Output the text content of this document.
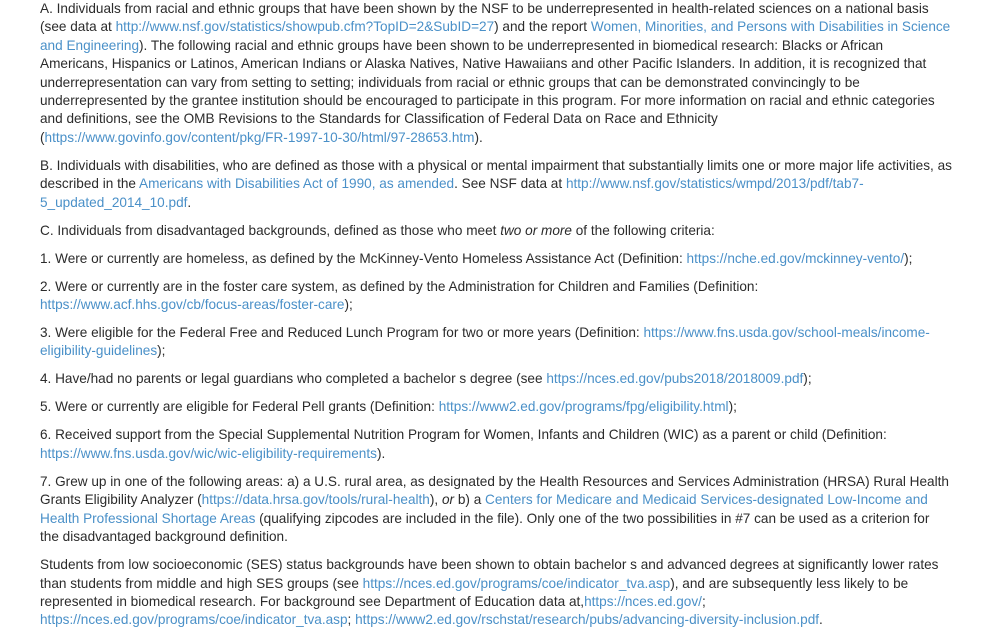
A. Individuals from racial and ethnic groups that have been shown by the NSF to be underrepresented in health-related sciences on a national basis (see data at http://www.nsf.gov/statistics/showpub.cfm?TopID=2&SubID=27) and the report Women, Minorities, and Persons with Disabilities in Science and Engineering). The following racial and ethnic groups have been shown to be underrepresented in biomedical research: Blacks or African Americans, Hispanics or Latinos, American Indians or Alaska Natives, Native Hawaiians and other Pacific Islanders. In addition, it is recognized that underrepresentation can vary from setting to setting; individuals from racial or ethnic groups that can be demonstrated convincingly to be underrepresented by the grantee institution should be encouraged to participate in this program. For more information on racial and ethnic categories and definitions, see the OMB Revisions to the Standards for Classification of Federal Data on Race and Ethnicity (https://www.govinfo.gov/content/pkg/FR-1997-10-30/html/97-28653.htm).

B. Individuals with disabilities, who are defined as those with a physical or mental impairment that substantially limits one or more major life activities, as described in the Americans with Disabilities Act of 1990, as amended. See NSF data at http://www.nsf.gov/statistics/wmpd/2013/pdf/tab7-5_updated_2014_10.pdf.

C. Individuals from disadvantaged backgrounds, defined as those who meet two or more of the following criteria:

1. Were or currently are homeless, as defined by the McKinney-Vento Homeless Assistance Act (Definition: https://nche.ed.gov/mckinney-vento/);

2. Were or currently are in the foster care system, as defined by the Administration for Children and Families (Definition: https://www.acf.hhs.gov/cb/focus-areas/foster-care);

3. Were eligible for the Federal Free and Reduced Lunch Program for two or more years (Definition: https://www.fns.usda.gov/school-meals/income-eligibility-guidelines);

4. Have/had no parents or legal guardians who completed a bachelor s degree (see https://nces.ed.gov/pubs2018/2018009.pdf);

5. Were or currently are eligible for Federal Pell grants (Definition: https://www2.ed.gov/programs/fpg/eligibility.html);

6. Received support from the Special Supplemental Nutrition Program for Women, Infants and Children (WIC) as a parent or child (Definition: https://www.fns.usda.gov/wic/wic-eligibility-requirements).

7. Grew up in one of the following areas: a) a U.S. rural area, as designated by the Health Resources and Services Administration (HRSA) Rural Health Grants Eligibility Analyzer (https://data.hrsa.gov/tools/rural-health), or b) a Centers for Medicare and Medicaid Services-designated Low-Income and Health Professional Shortage Areas (qualifying zipcodes are included in the file). Only one of the two possibilities in #7 can be used as a criterion for the disadvantaged background definition.

Students from low socioeconomic (SES) status backgrounds have been shown to obtain bachelor s and advanced degrees at significantly lower rates than students from middle and high SES groups (see https://nces.ed.gov/programs/coe/indicator_tva.asp), and are subsequently less likely to be represented in biomedical research. For background see Department of Education data at,https://nces.ed.gov/; https://nces.ed.gov/programs/coe/indicator_tva.asp; https://www2.ed.gov/rschstat/research/pubs/advancing-diversity-inclusion.pdf.
